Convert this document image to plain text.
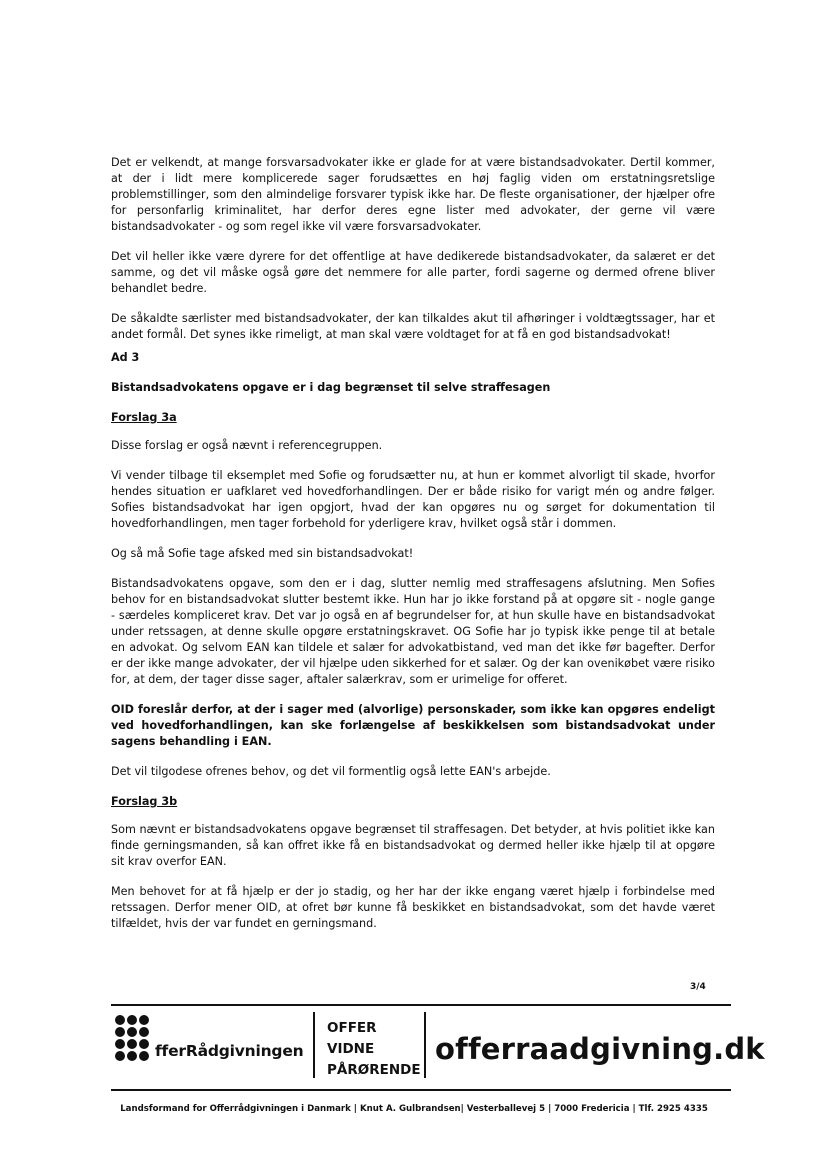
Det er velkendt, at mange forsvarsadvokater ikke er glade for at være bistandsadvokater. Dertil kommer, at der i lidt mere komplicerede sager forudsættes en høj faglig viden om erstatningsretslige problemstillinger, som den almindelige forsvarer typisk ikke har. De fleste organisationer, der hjælper ofre for personfarlig kriminalitet, har derfor deres egne lister med advokater, der gerne vil være bistandsadvokater - og som regel ikke vil være forsvarsadvokater.

Det vil heller ikke være dyrere for det offentlige at have dedikerede bistandsadvokater, da salæret er det samme, og det vil måske også gøre det nemmere for alle parter, fordi sagerne og dermed ofrene bliver behandlet bedre.

De såkaldte særlister med bistandsadvokater, der kan tilkaldes akut til afhøringer i voldtægtssager, har et andet formål. Det synes ikke rimeligt, at man skal være voldtaget for at få en god bistandsadvokat!

Ad 3

Bistandsadvokatens opgave er i dag begrænset til selve straffesagen

Forslag 3a

Disse forslag er også nævnt i referencegruppen.

Vi vender tilbage til eksemplet med Sofie og forudsætter nu, at hun er kommet alvorligt til skade, hvorfor hendes situation er uafklaret ved hovedforhandlingen. Der er både risiko for varigt mén og andre følger. Sofies bistandsadvokat har igen opgjort, hvad der kan opgøres nu og sørget for dokumentation til hovedforhandlingen, men tager forbehold for yderligere krav, hvilket også står i dommen.

Og så må Sofie tage afsked med sin bistandsadvokat!

Bistandsadvokatens opgave, som den er i dag, slutter nemlig med straffesagens afslutning. Men Sofies behov for en bistandsadvokat slutter bestemt ikke. Hun har jo ikke forstand på at opgøre sit - nogle gange - særdeles kompliceret krav. Det var jo også en af begrundelser for, at hun skulle have en bistandsadvokat under retssagen, at denne skulle opgøre erstatningskravet. OG Sofie har jo typisk ikke penge til at betale en advokat. Og selvom EAN kan tildele et salær for advokatbistand, ved man det ikke før bagefter. Derfor er der ikke mange advokater, der vil hjælpe uden sikkerhed for et salær. Og der kan ovenikøbet være risiko for, at dem, der tager disse sager, aftaler salærkrav, som er urimelige for offeret.

OID foreslår derfor, at der i sager med (alvorlige) personskader, som ikke kan opgøres endeligt ved hovedforhandlingen, kan ske forlængelse af beskikkelsen som bistandsadvokat under sagens behandling i EAN.

Det vil tilgodese ofrenes behov, og det vil formentlig også lette EAN's arbejde.

Forslag 3b

Som nævnt er bistandsadvokatens opgave begrænset til straffesagen. Det betyder, at hvis politiet ikke kan finde gerningsmanden, så kan offret ikke få en bistandsadvokat og dermed heller ikke hjælp til at opgøre sit krav overfor EAN.

Men behovet for at få hjælp er der jo stadig, og her har der ikke engang været hjælp i forbindelse med retssagen. Derfor mener OID, at ofret bør kunne få beskikket en bistandsadvokat, som det havde været tilfældet, hvis der var fundet en gerningsmand.

3/4
fferRådgivningen
OFFER
VIDNE
PÅRØRENDE
offerraadgivning.dk
Landsformand for Offerrådgivningen i Danmark | Knut A. Gulbrandsen| Vesterballevej 5 | 7000 Fredericia | Tlf. 2925 4335
